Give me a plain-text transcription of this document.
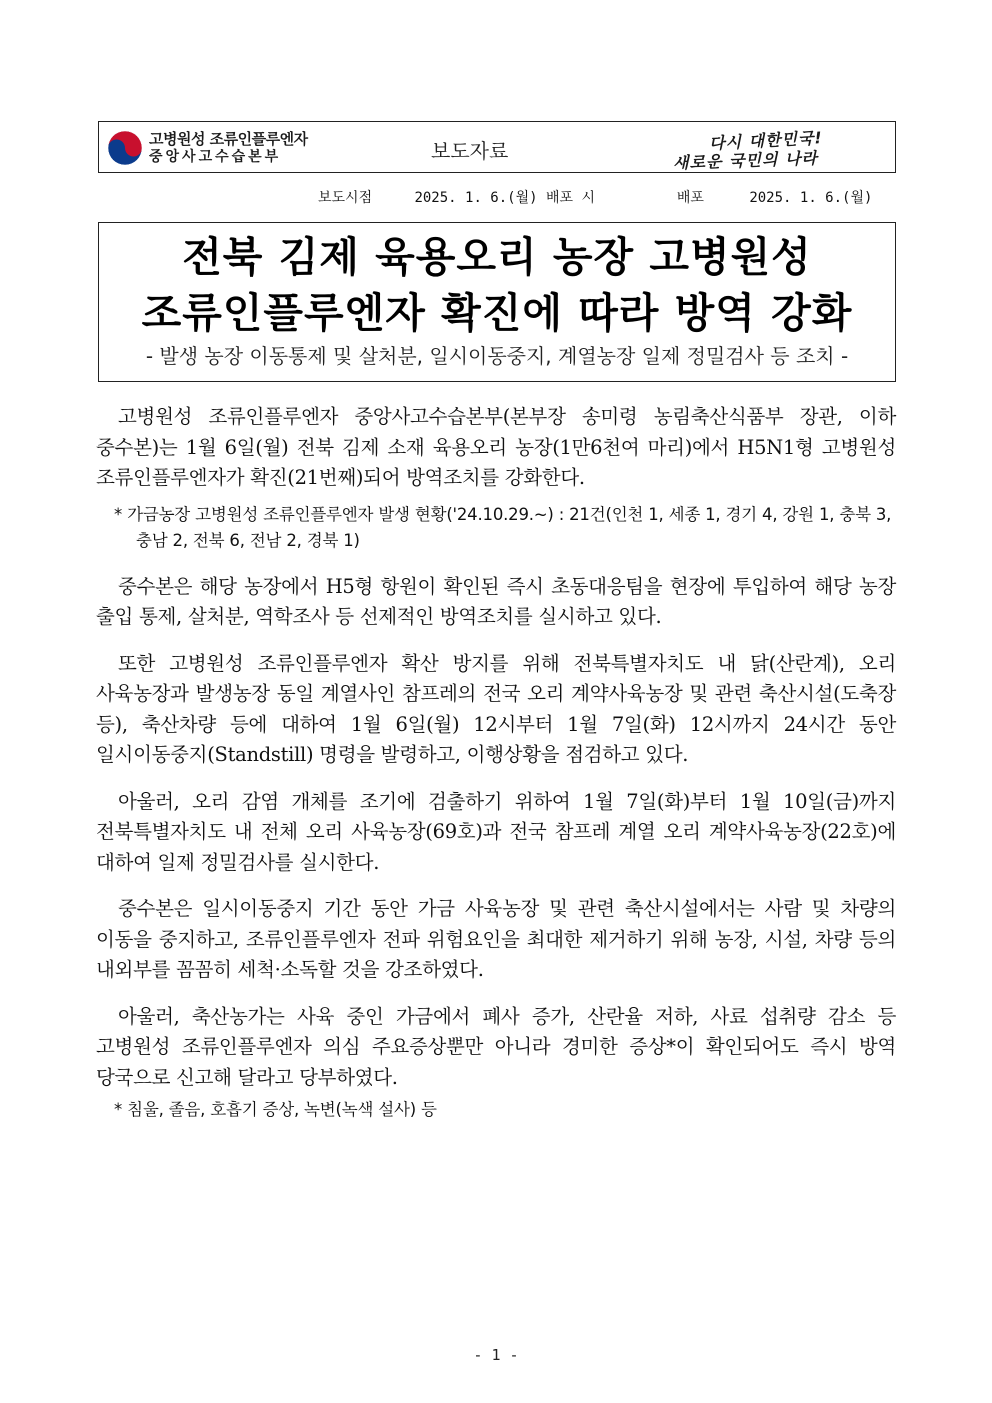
고병원성 조류인플루엔자
중앙사고수습본부	보도자료	다시 대한민국!
새로운 국민의 나라
보도시점	2025. 1. 6.(월) 배포 시	배포	2025. 1. 6.(월)
전북 김제 육용오리 농장 고병원성
조류인플루엔자 확진에 따라 방역 강화
- 발생 농장 이동통제 및 살처분, 일시이동중지, 계열농장 일제 정밀검사 등 조치 -

고병원성 조류인플루엔자 중앙사고수습본부(본부장 송미령 농림축산식품부 장관, 이하 중수본)는 1월 6일(월) 전북 김제 소재 육용오리 농장(1만6천여 마리)에서 H5N1형 고병원성 조류인플루엔자가 확진(21번째)되어 방역조치를 강화한다.

* 가금농장 고병원성 조류인플루엔자 발생 현황('24.10.29.~) : 21건(인천 1, 세종 1, 경기 4, 강원 1, 충북 3, 충남 2, 전북 6, 전남 2, 경북 1)

중수본은 해당 농장에서 H5형 항원이 확인된 즉시 초동대응팀을 현장에 투입하여 해당 농장 출입 통제, 살처분, 역학조사 등 선제적인 방역조치를 실시하고 있다.

또한 고병원성 조류인플루엔자 확산 방지를 위해 전북특별자치도 내 닭(산란계), 오리 사육농장과 발생농장 동일 계열사인 참프레의 전국 오리 계약사육농장 및 관련 축산시설(도축장 등), 축산차량 등에 대하여 1월 6일(월) 12시부터 1월 7일(화) 12시까지 24시간 동안 일시이동중지(Standstill) 명령을 발령하고, 이행상황을 점검하고 있다.

아울러, 오리 감염 개체를 조기에 검출하기 위하여 1월 7일(화)부터 1월 10일(금)까지 전북특별자치도 내 전체 오리 사육농장(69호)과 전국 참프레 계열 오리 계약사육농장(22호)에 대하여 일제 정밀검사를 실시한다.

중수본은 일시이동중지 기간 동안 가금 사육농장 및 관련 축산시설에서는 사람 및 차량의 이동을 중지하고, 조류인플루엔자 전파 위험요인을 최대한 제거하기 위해 농장, 시설, 차량 등의 내외부를 꼼꼼히 세척·소독할 것을 강조하였다.

아울러, 축산농가는 사육 중인 가금에서 폐사 증가, 산란율 저하, 사료 섭취량 감소 등 고병원성 조류인플루엔자 의심 주요증상뿐만 아니라 경미한 증상*이 확인되어도 즉시 방역 당국으로 신고해 달라고 당부하였다.

* 침울, 졸음, 호흡기 증상, 녹변(녹색 설사) 등

- 1 -
